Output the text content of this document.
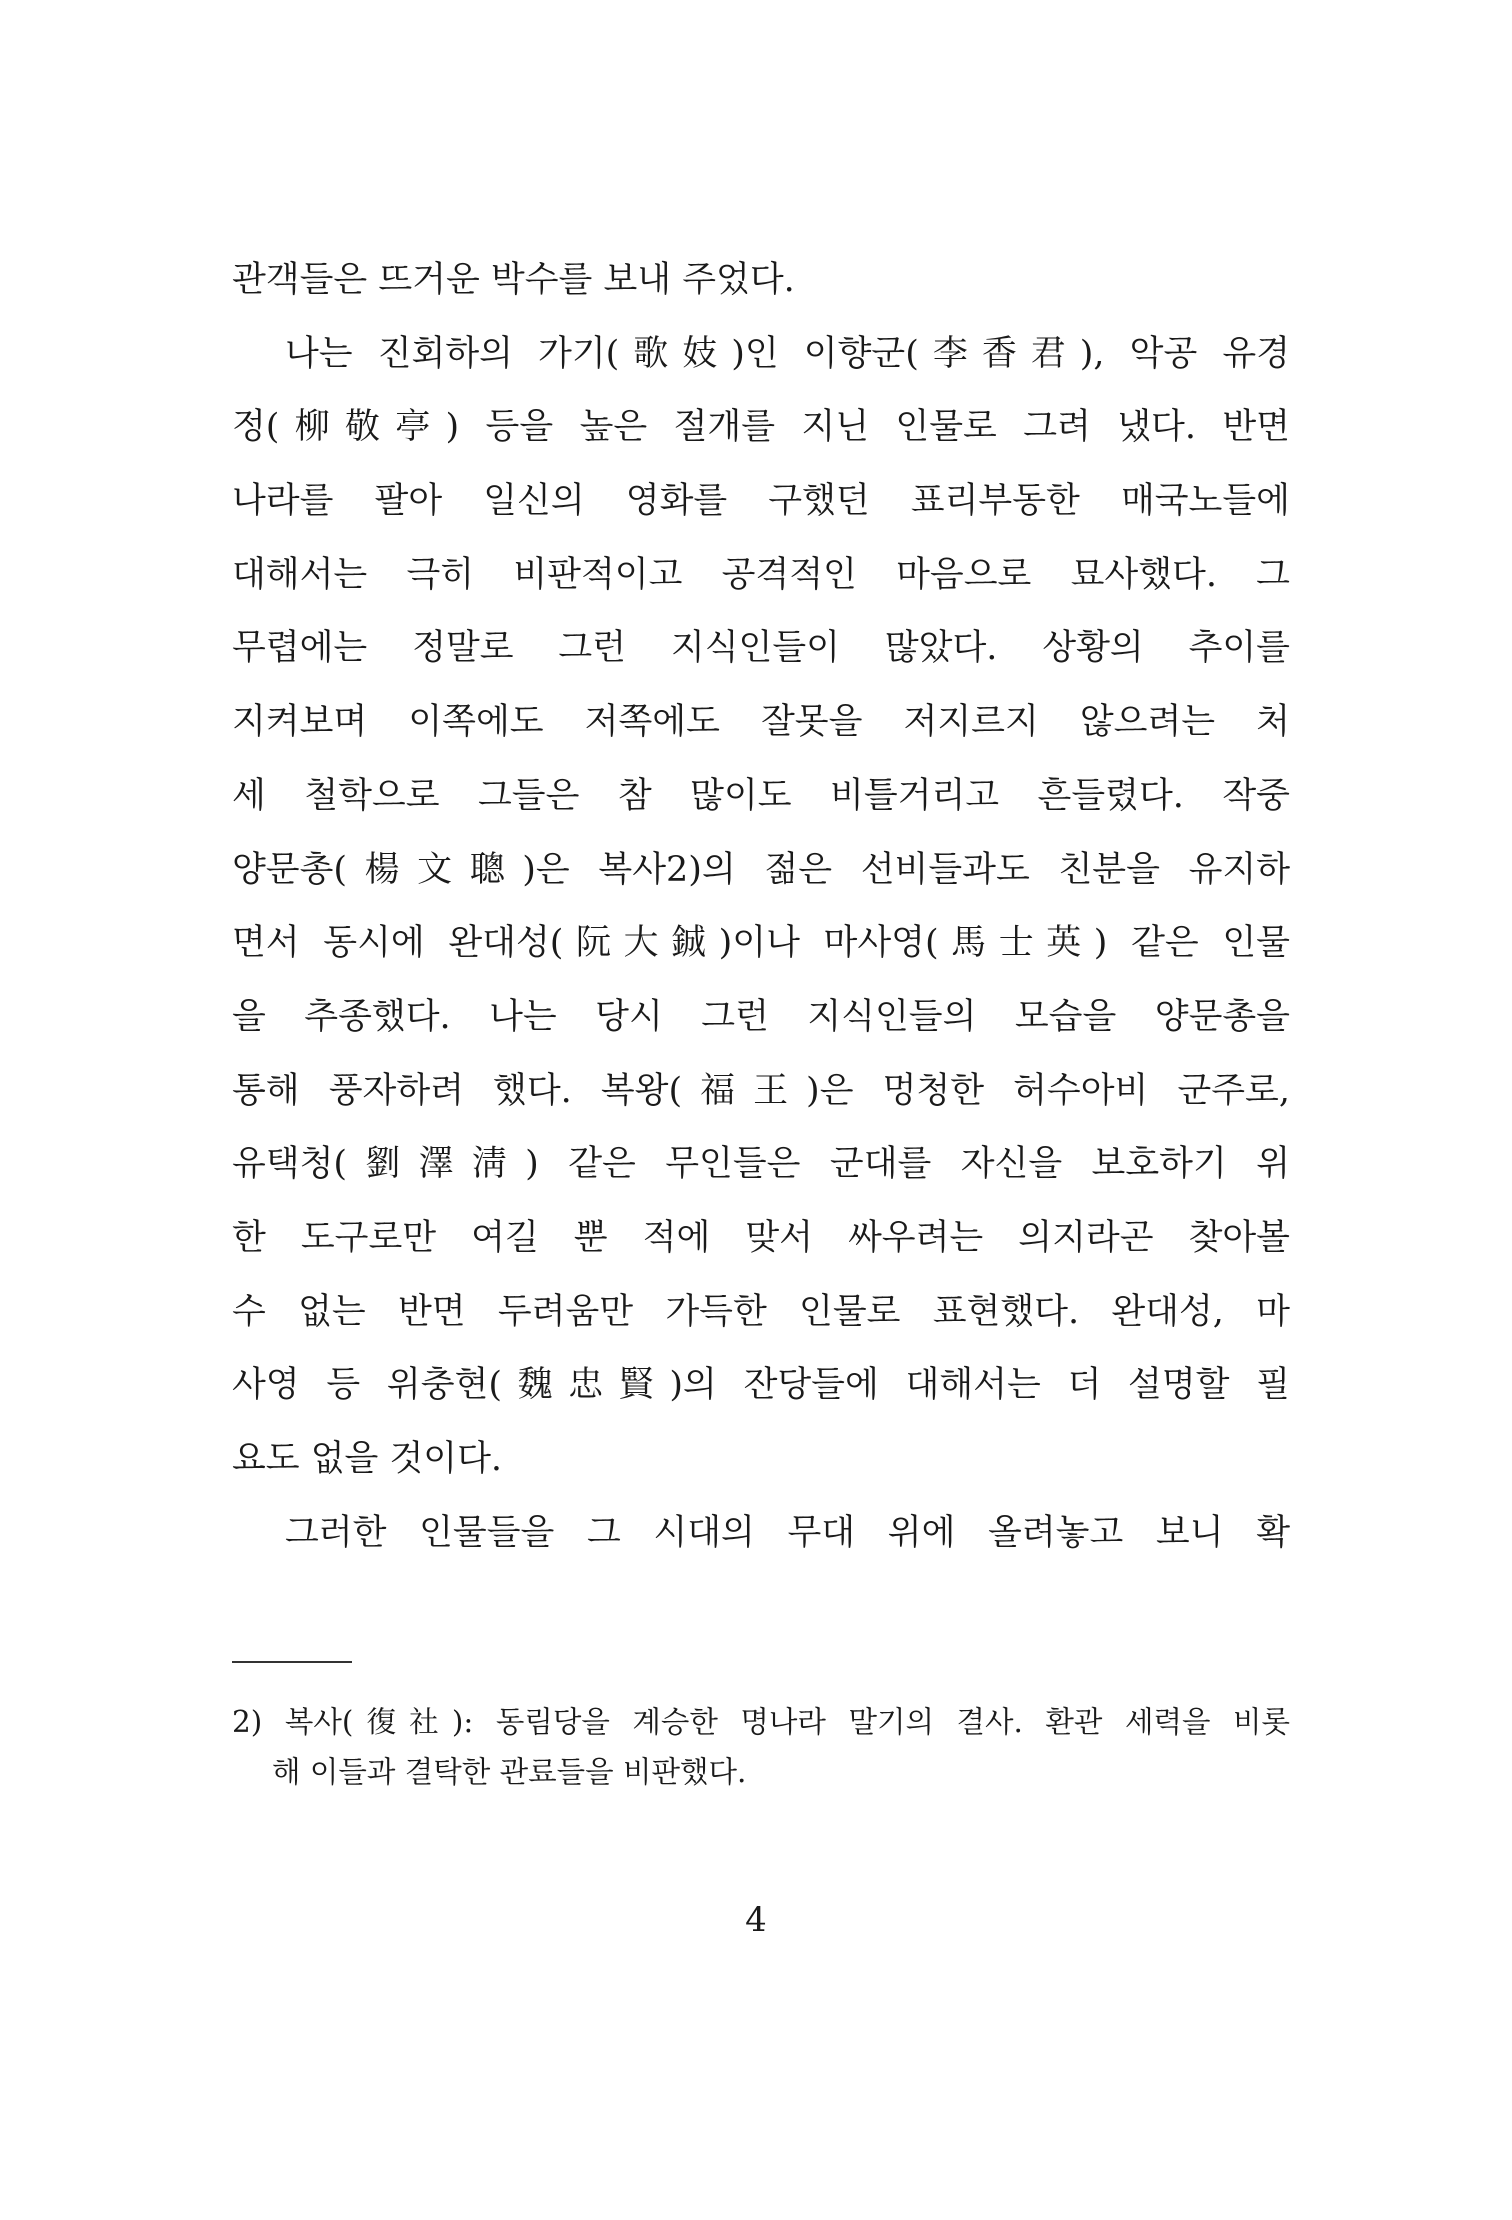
관객들은 뜨거운 박수를 보내 주었다.
나는 진회하의 가기(歌妓)인 이향군(李香君), 악공 유경
정(柳敬亭) 등을 높은 절개를 지닌 인물로 그려 냈다. 반면
나라를 팔아 일신의 영화를 구했던 표리부동한 매국노들에
대해서는 극히 비판적이고 공격적인 마음으로 묘사했다. 그
무렵에는 정말로 그런 지식인들이 많았다. 상황의 추이를
지켜보며 이쪽에도 저쪽에도 잘못을 저지르지 않으려는 처
세 철학으로 그들은 참 많이도 비틀거리고 흔들렸다. 작중
양문총(楊文聰)은 복사2)의 젊은 선비들과도 친분을 유지하
면서 동시에 완대성(阮大鋮)이나 마사영(馬士英) 같은 인물
을 추종했다. 나는 당시 그런 지식인들의 모습을 양문총을
통해 풍자하려 했다. 복왕(福王)은 멍청한 허수아비 군주로,
유택청(劉澤淸) 같은 무인들은 군대를 자신을 보호하기 위
한 도구로만 여길 뿐 적에 맞서 싸우려는 의지라곤 찾아볼
수 없는 반면 두려움만 가득한 인물로 표현했다. 완대성, 마
사영 등 위충현(魏忠賢)의 잔당들에 대해서는 더 설명할 필
요도 없을 것이다.
그러한 인물들을 그 시대의 무대 위에 올려놓고 보니 확
2) 복사(復社): 동림당을 계승한 명나라 말기의 결사. 환관 세력을 비롯
해 이들과 결탁한 관료들을 비판했다.
4
